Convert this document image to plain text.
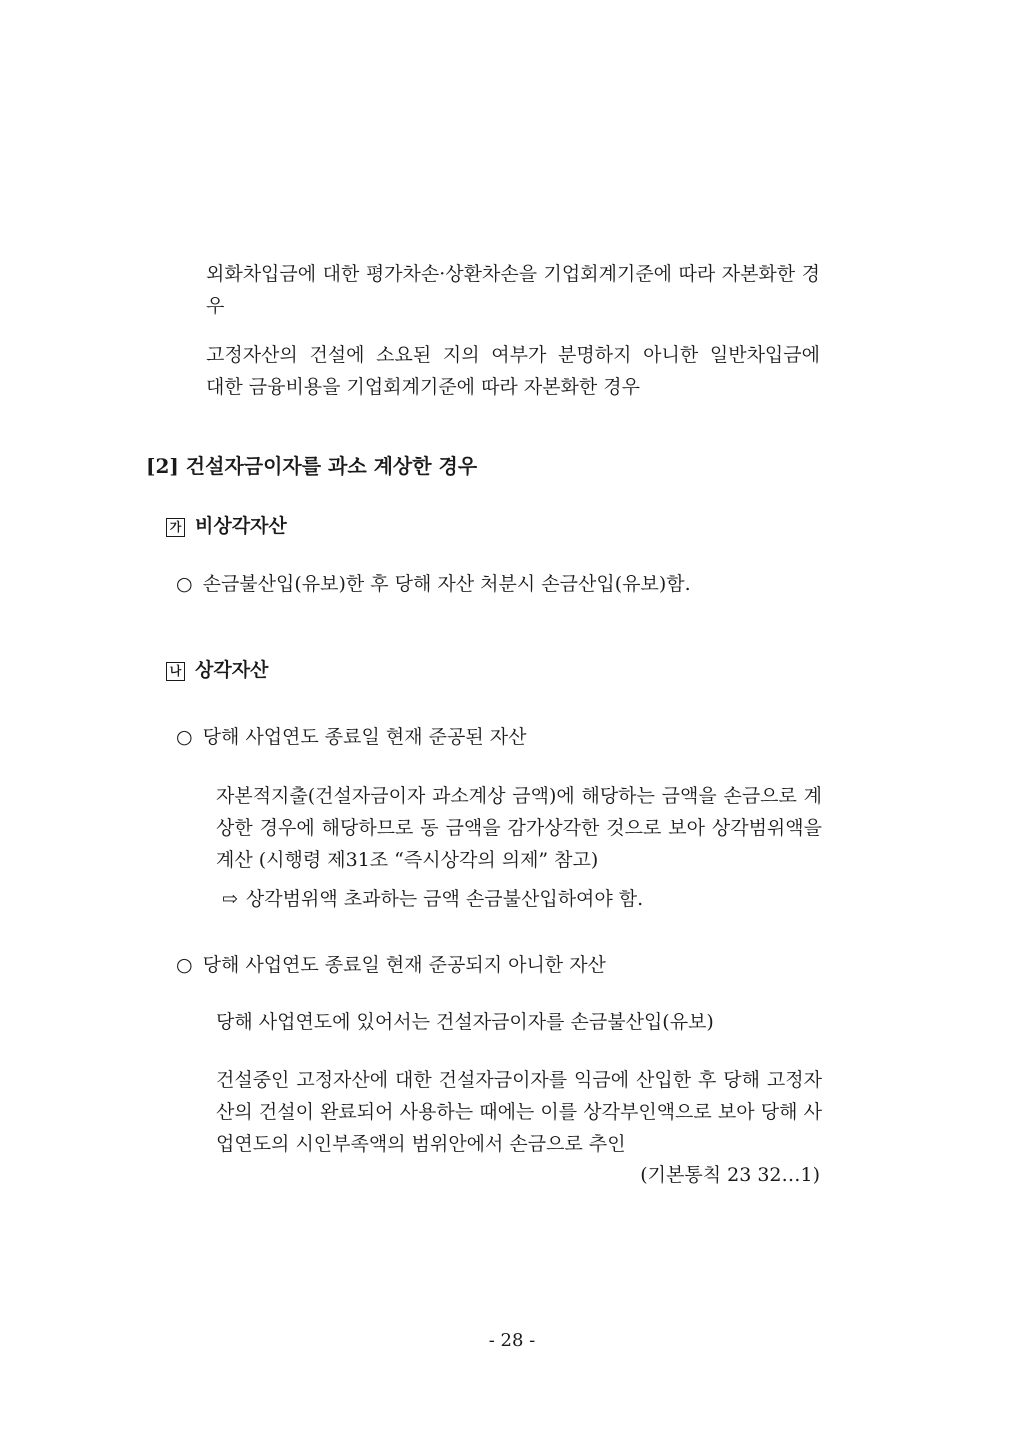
외화차입금에 대한 평가차손·상환차손을 기업회계기준에 따라 자본화한 경우

고정자산의 건설에 소요된 지의 여부가 분명하지 아니한 일반차입금에

대한 금융비용을 기업회계기준에 따라 자본화한 경우

[2] 건설자금이자를 과소 계상한 경우

가 비상각자산

○ 손금불산입(유보)한 후 당해 자산 처분시 손금산입(유보)함.

나 상각자산

○ 당해 사업연도 종료일 현재 준공된 자산

자본적지출(건설자금이자 과소계상 금액)에 해당하는 금액을 손금으로 계상한 경우에 해당하므로 동 금액을 감가상각한 것으로 보아 상각범위액을 계산 (시행령 제31조 “즉시상각의 의제” 참고)

⇨ 상각범위액 초과하는 금액 손금불산입하여야 함.

○ 당해 사업연도 종료일 현재 준공되지 아니한 자산

당해 사업연도에 있어서는 건설자금이자를 손금불산입(유보)

건설중인 고정자산에 대한 건설자금이자를 익금에 산입한 후 당해 고정자산의 건설이 완료되어 사용하는 때에는 이를 상각부인액으로 보아 당해 사업연도의 시인부족액의 범위안에서 손금으로 추인

(기본통칙 23 32…1)

- 28 -
